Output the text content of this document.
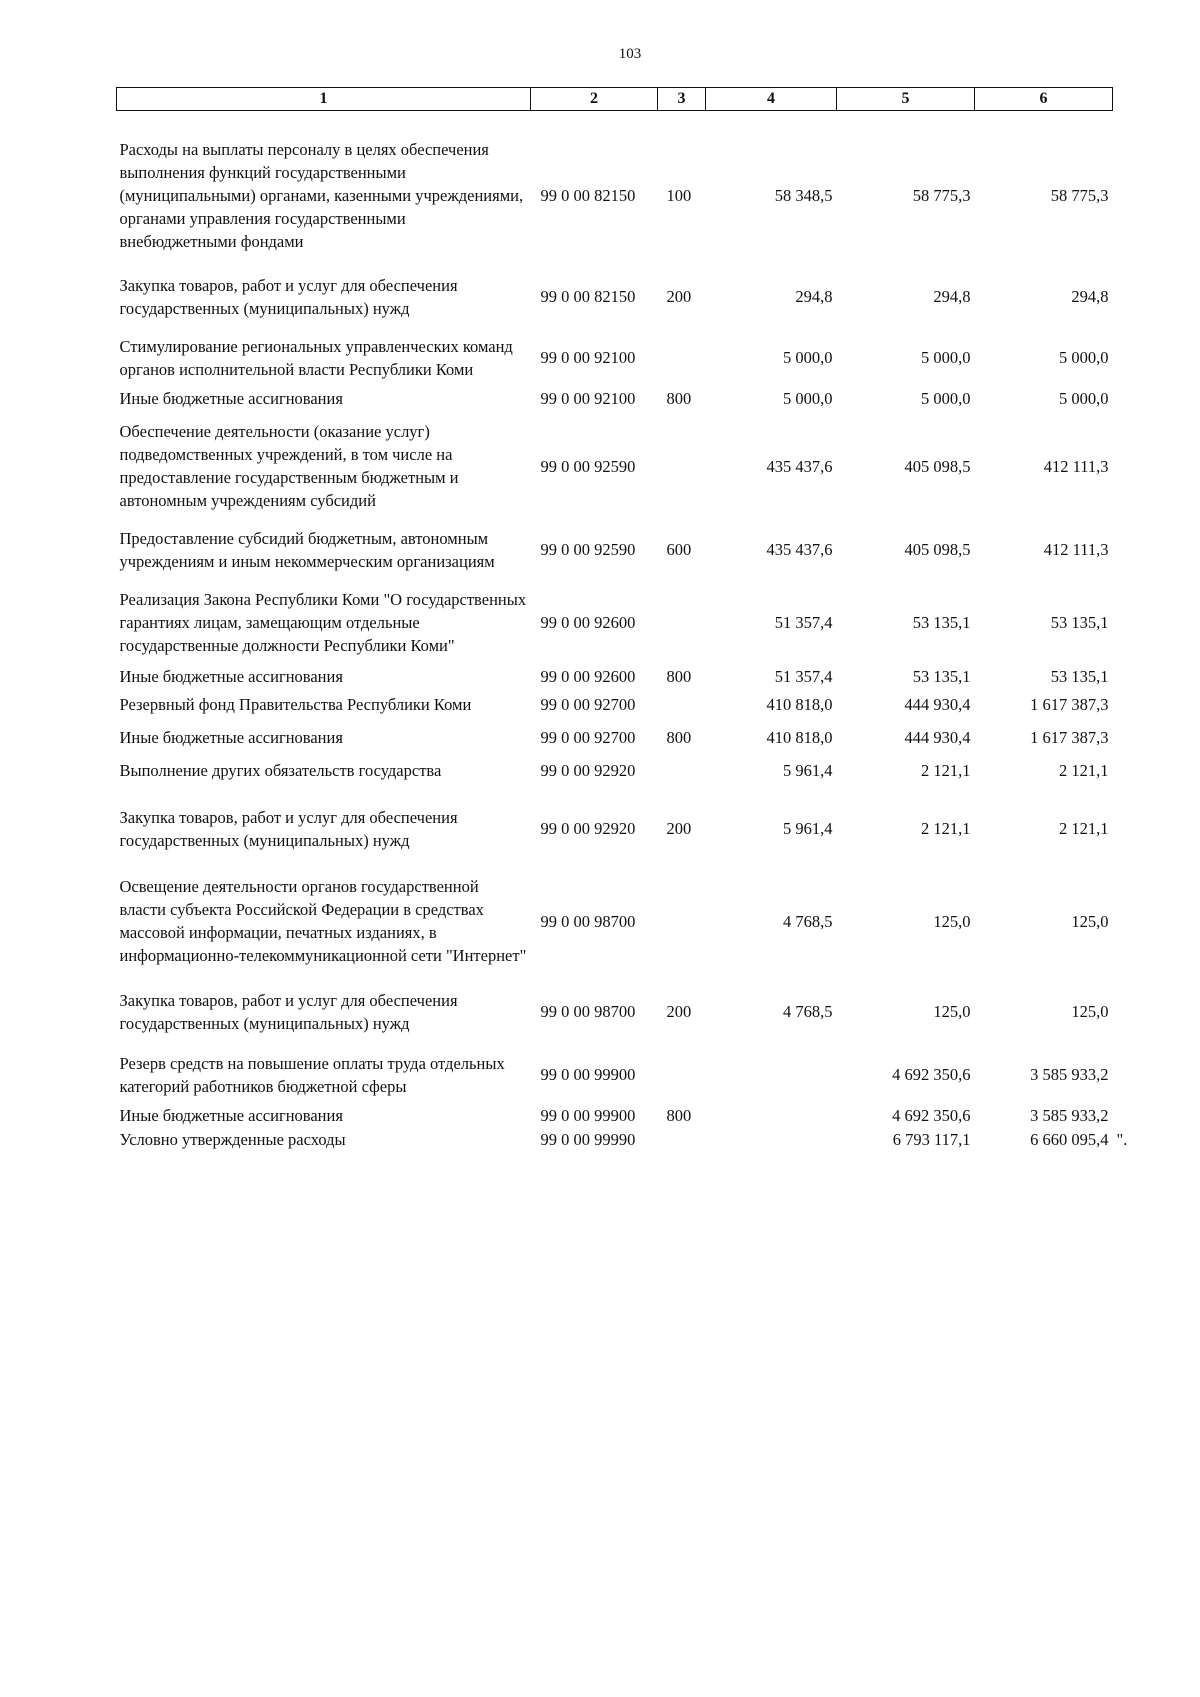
103
1	2	3	4	5	6
Расходы на выплаты персоналу в целях обеспечения выполнения функций государственными (муниципальными) органами, казенными учреждениями, органами управления государственными внебюджетными фондами	99 0 00 82150	100	58 348,5	58 775,3	58 775,3
Закупка товаров, работ и услуг для обеспечения государственных (муниципальных) нужд	99 0 00 82150	200	294,8	294,8	294,8
Стимулирование региональных управленческих команд органов исполнительной власти Республики Коми	99 0 00 92100		5 000,0	5 000,0	5 000,0
Иные бюджетные ассигнования	99 0 00 92100	800	5 000,0	5 000,0	5 000,0
Обеспечение деятельности (оказание услуг) подведомственных учреждений, в том числе на предоставление государственным бюджетным и автономным учреждениям субсидий	99 0 00 92590		435 437,6	405 098,5	412 111,3
Предоставление субсидий бюджетным, автономным учреждениям и иным некоммерческим организациям	99 0 00 92590	600	435 437,6	405 098,5	412 111,3
Реализация Закона Республики Коми "О государственных гарантиях лицам, замещающим отдельные государственные должности Республики Коми"	99 0 00 92600		51 357,4	53 135,1	53 135,1
Иные бюджетные ассигнования	99 0 00 92600	800	51 357,4	53 135,1	53 135,1
Резервный фонд Правительства Республики Коми	99 0 00 92700		410 818,0	444 930,4	1 617 387,3
Иные бюджетные ассигнования	99 0 00 92700	800	410 818,0	444 930,4	1 617 387,3
Выполнение других обязательств государства	99 0 00 92920		5 961,4	2 121,1	2 121,1
Закупка товаров, работ и услуг для обеспечения государственных (муниципальных) нужд	99 0 00 92920	200	5 961,4	2 121,1	2 121,1
Освещение деятельности органов государственной власти субъекта Российской Федерации в средствах массовой информации, печатных изданиях, в информационно-телекоммуникационной сети "Интернет"	99 0 00 98700		4 768,5	125,0	125,0
Закупка товаров, работ и услуг для обеспечения государственных (муниципальных) нужд	99 0 00 98700	200	4 768,5	125,0	125,0
Резерв средств на повышение оплаты труда отдельных категорий работников бюджетной сферы	99 0 00 99900			4 692 350,6	3 585 933,2
Иные бюджетные ассигнования	99 0 00 99900	800		4 692 350,6	3 585 933,2
Условно утвержденные расходы	99 0 00 99990			6 793 117,1	6 660 095,4 ".
